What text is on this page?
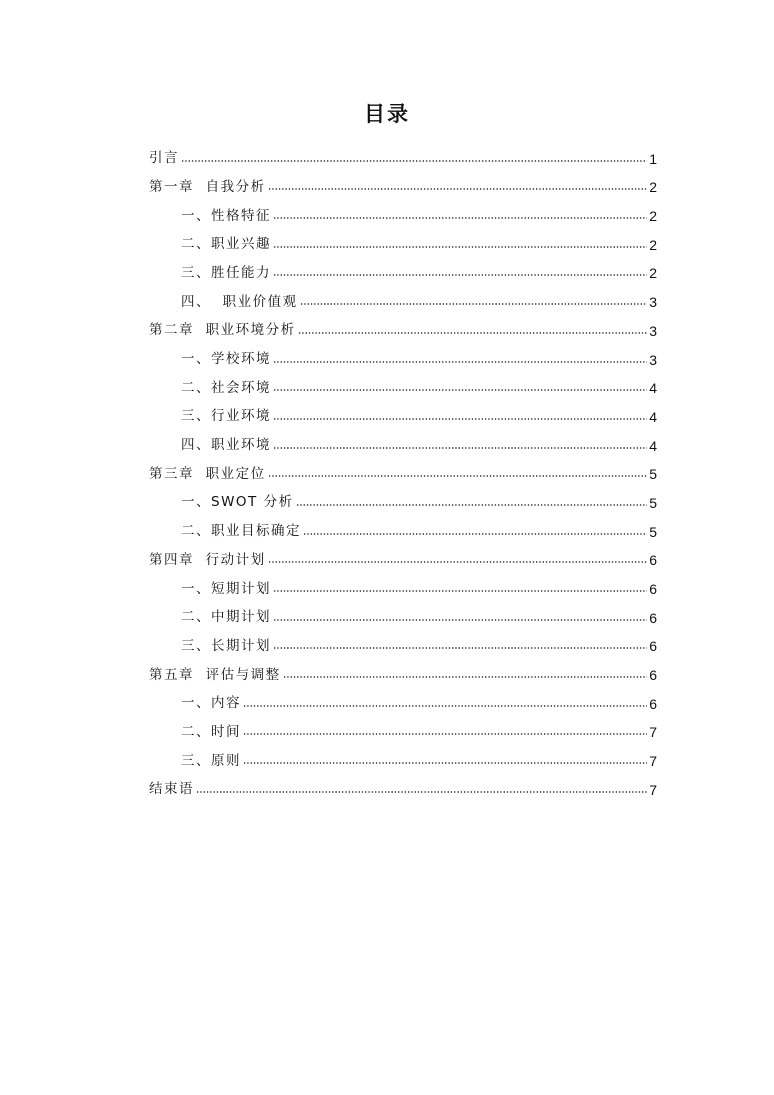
目录
引言	1
第一章  自我分析	2
一、性格特征	2
二、职业兴趣	2
三、胜任能力	2
四、  职业价值观	3
第二章  职业环境分析	3
一、学校环境	3
二、社会环境	4
三、行业环境	4
四、职业环境	4
第三章  职业定位	5
一、SWOT 分析	5
二、职业目标确定	5
第四章  行动计划	6
一、短期计划	6
二、中期计划	6
三、长期计划	6
第五章  评估与调整	6
一、内容	6
二、时间	7
三、原则	7
结束语	7
